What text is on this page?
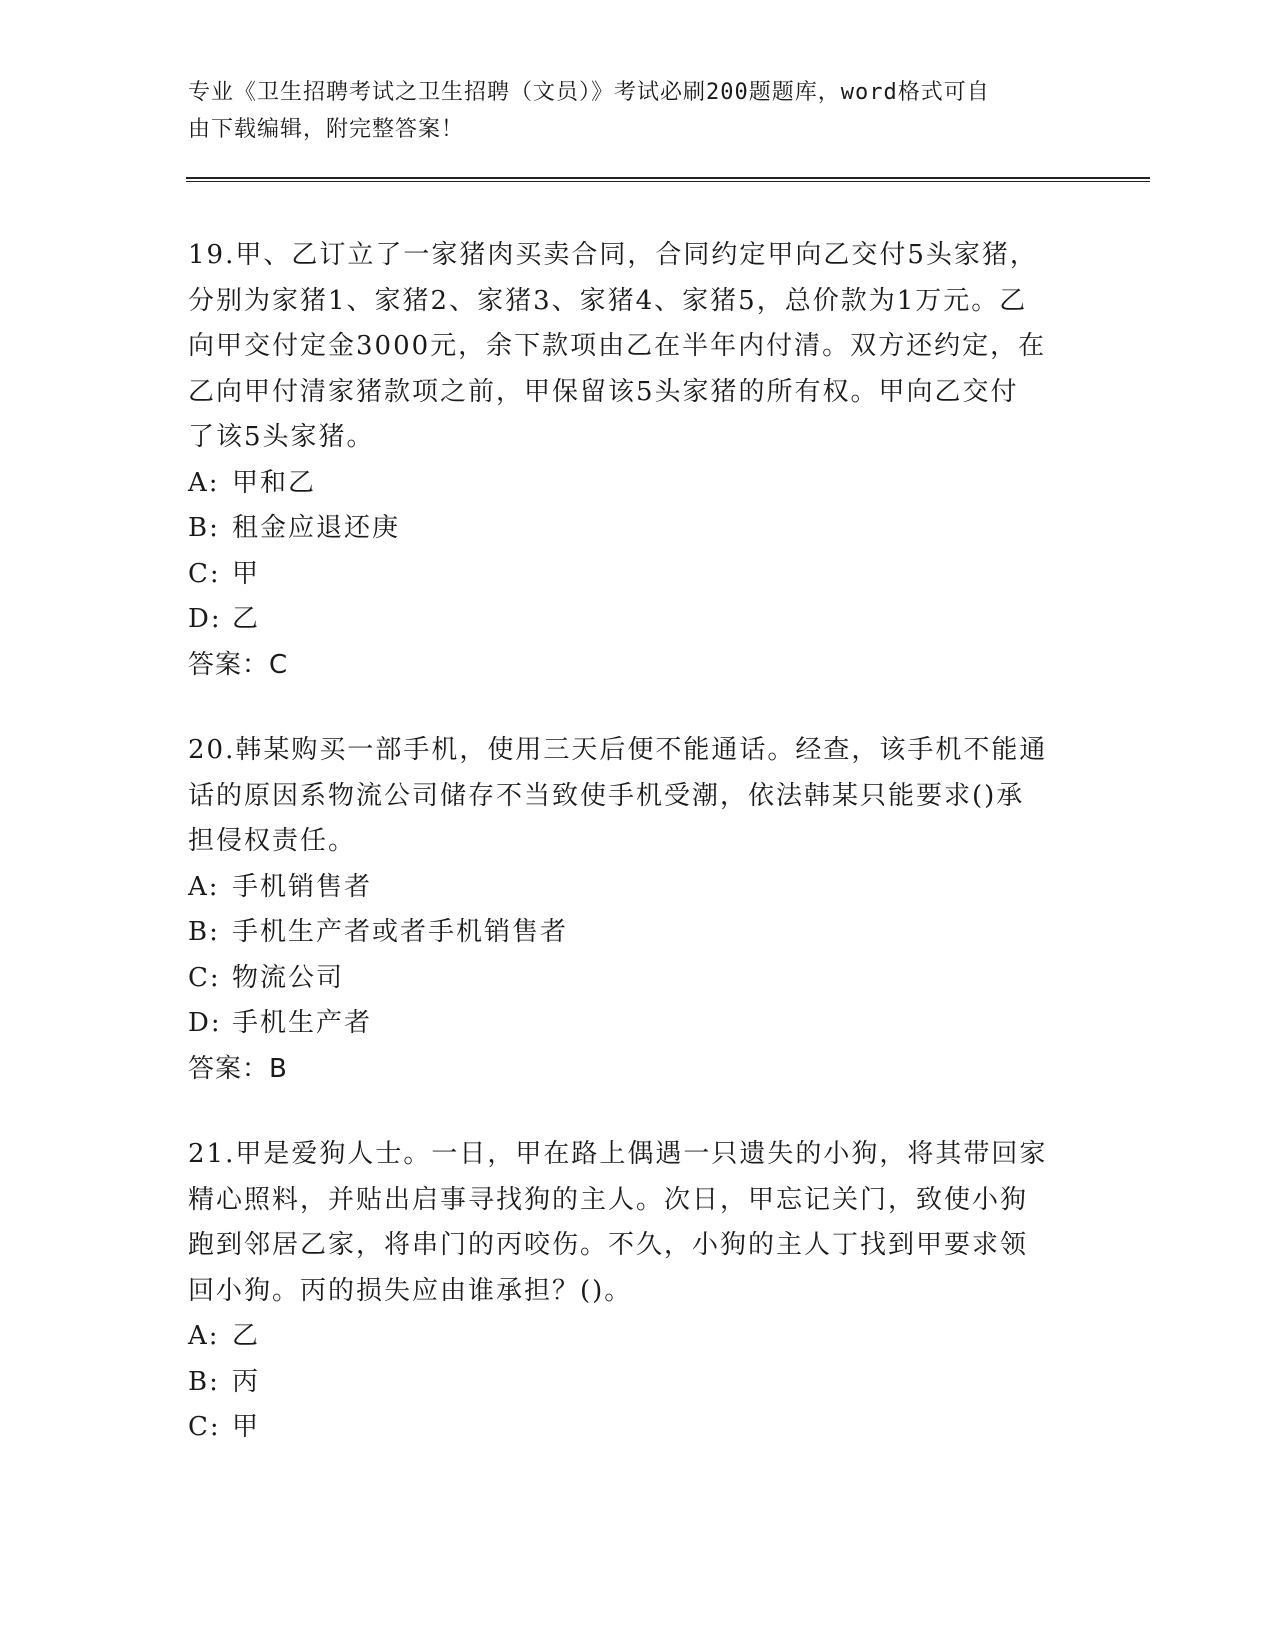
专业《卫生招聘考试之卫生招聘（文员）》考试必刷200题题库，word格式可自
由下载编辑，附完整答案！
19.甲、乙订立了一家猪肉买卖合同，合同约定甲向乙交付5头家猪，
分别为家猪1、家猪2、家猪3、家猪4、家猪5，总价款为1万元。乙
向甲交付定金3000元，余下款项由乙在半年内付清。双方还约定，在
乙向甲付清家猪款项之前，甲保留该5头家猪的所有权。甲向乙交付
了该5头家猪。
A: 甲和乙
B: 租金应退还庚
C: 甲
D: 乙
答案：C
20.韩某购买一部手机，使用三天后便不能通话。经查，该手机不能通
话的原因系物流公司储存不当致使手机受潮，依法韩某只能要求()承
担侵权责任。
A: 手机销售者
B: 手机生产者或者手机销售者
C: 物流公司
D: 手机生产者
答案：B
21.甲是爱狗人士。一日，甲在路上偶遇一只遗失的小狗，将其带回家
精心照料，并贴出启事寻找狗的主人。次日，甲忘记关门，致使小狗
跑到邻居乙家，将串门的丙咬伤。不久，小狗的主人丁找到甲要求领
回小狗。丙的损失应由谁承担？()。
A: 乙
B: 丙
C: 甲
